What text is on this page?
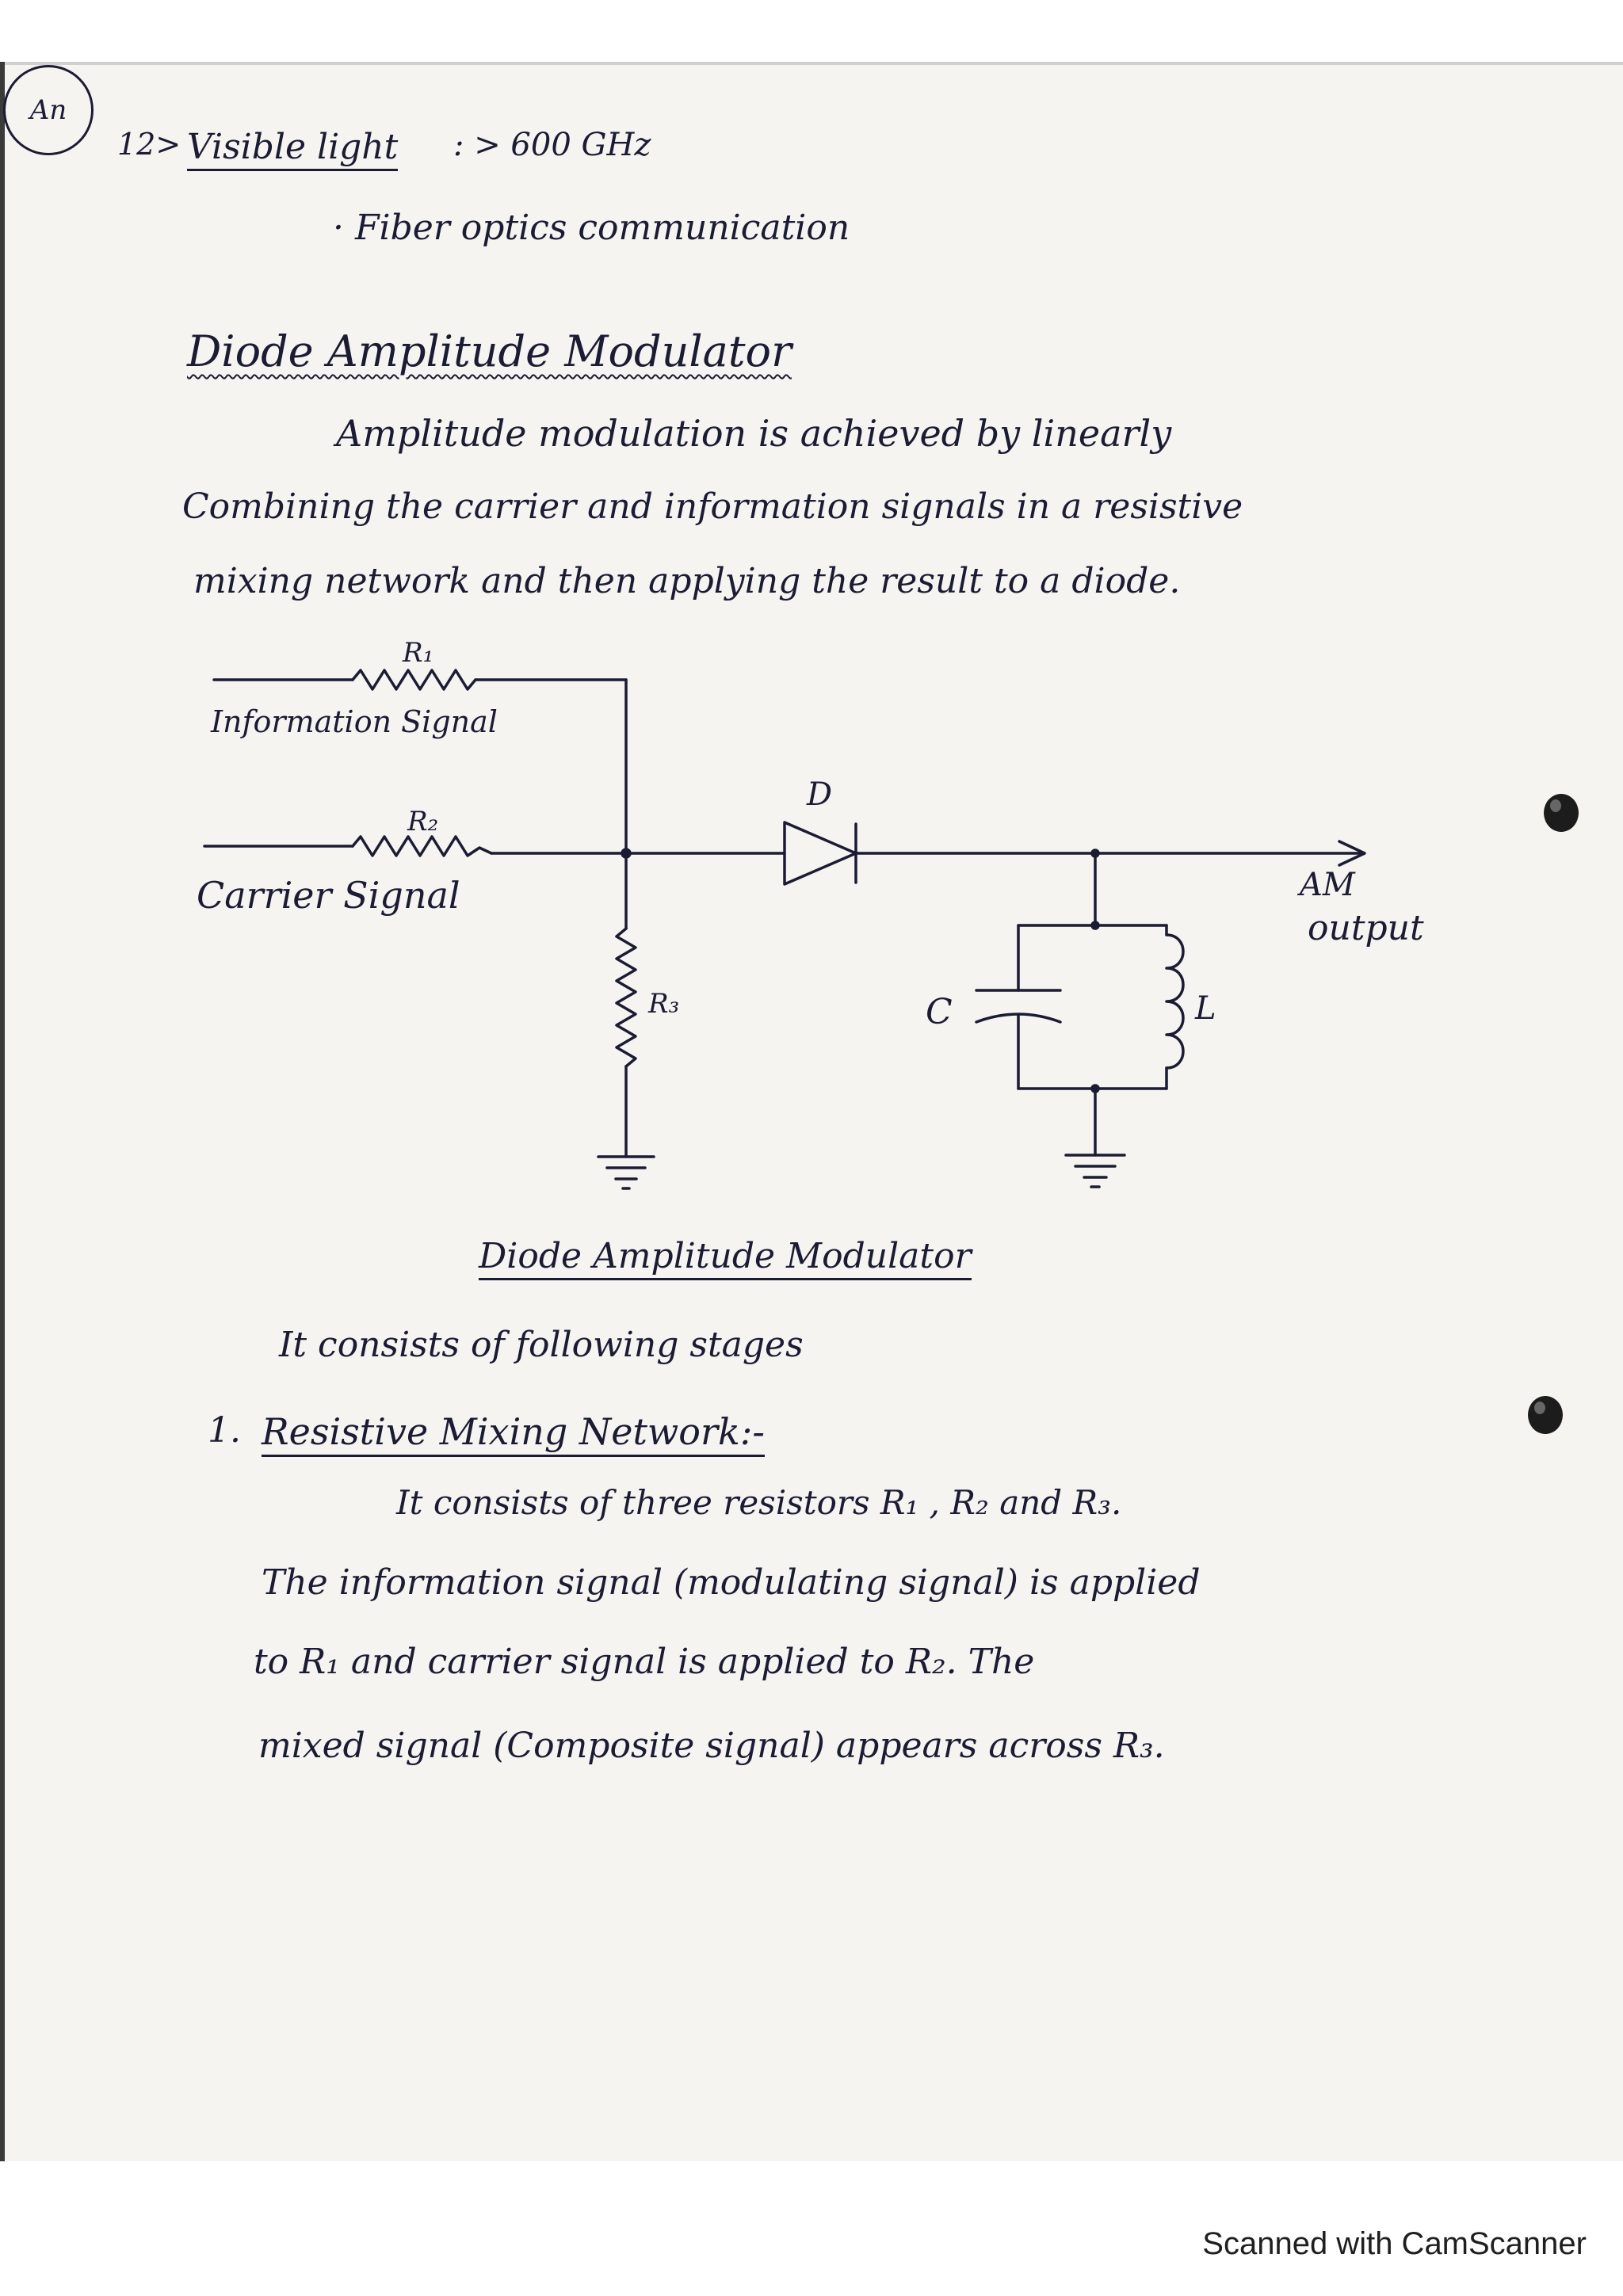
An
12> Visible light : > 600 GHz
· Fiber optics communication
Diode Amplitude Modulator
Amplitude modulation is achieved by linearly
Combining the carrier and information signals in a resistive
mixing network and then applying the result to a diode.
R₁
R₂
R₃
D
C	L
Information Signal
Carrier Signal	AM
output
Diode Amplitude Modulator
It consists of following stages
1. Resistive Mixing Network:-
It consists of three resistors R₁ , R₂ and R₃.
The information signal (modulating signal) is applied
to R₁ and carrier signal is applied to R₂. The
mixed signal (Composite signal) appears across R₃.
Scanned with CamScanner
